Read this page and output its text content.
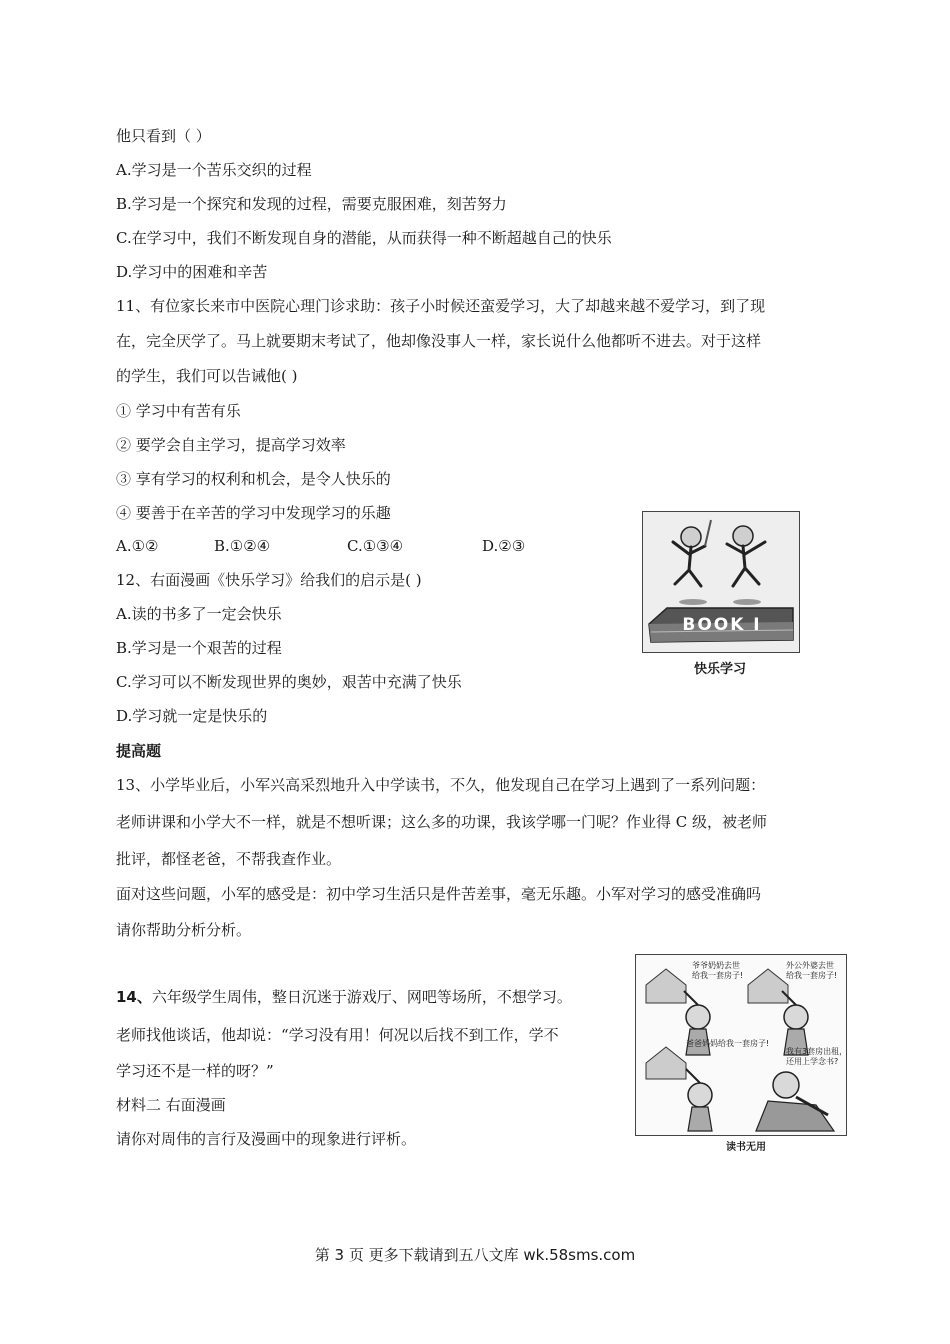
他只看到（ ）
A.学习是一个苦乐交织的过程
B.学习是一个探究和发现的过程，需要克服困难，刻苦努力
C.在学习中，我们不断发现自身的潜能，从而获得一种不断超越自己的快乐
D.学习中的困难和辛苦
11、有位家长来市中医院心理门诊求助：孩子小时候还蛮爱学习，大了却越来越不爱学习，到了现
在，完全厌学了。马上就要期末考试了，他却像没事人一样，家长说什么他都听不进去。对于这样
的学生，我们可以告诫他( )
① 学习中有苦有乐
② 要学会自主学习，提高学习效率
③ 享有学习的权利和机会，是令人快乐的
④ 要善于在辛苦的学习中发现学习的乐趣
A.①②	B.①②④	C.①③④	D.②③
12、右面漫画《快乐学习》给我们的启示是( )
A.读的书多了一定会快乐
B.学习是一个艰苦的过程
C.学习可以不断发现世界的奥妙，艰苦中充满了快乐
D.学习就一定是快乐的
BOOK I
快乐学习
提高题
13、小学毕业后，小军兴高采烈地升入中学读书，不久，他发现自己在学习上遇到了一系列问题：
老师讲课和小学大不一样，就是不想听课；这么多的功课，我该学哪一门呢？作业得 C 级，被老师
批评，都怪老爸，不帮我查作业。
面对这些问题，小军的感受是：初中学习生活只是件苦差事，毫无乐趣。小军对学习的感受准确吗
请你帮助分析分析。
14、六年级学生周伟，整日沉迷于游戏厅、网吧等场所，不想学习。
老师找他谈话，他却说：“学习没有用！何况以后找不到工作，学不
学习还不是一样的呀？”
材料二 右面漫画
请你对周伟的言行及漫画中的现象进行评析。
爷爷奶奶去世
给我一套房子!
外公外婆去世
给我一套房子!
爸爸妈妈给我一套房子!
我有3套房出租，
还用上学念书?
读书无用
第 3 页 更多下载请到五八文库 wk.58sms.com
